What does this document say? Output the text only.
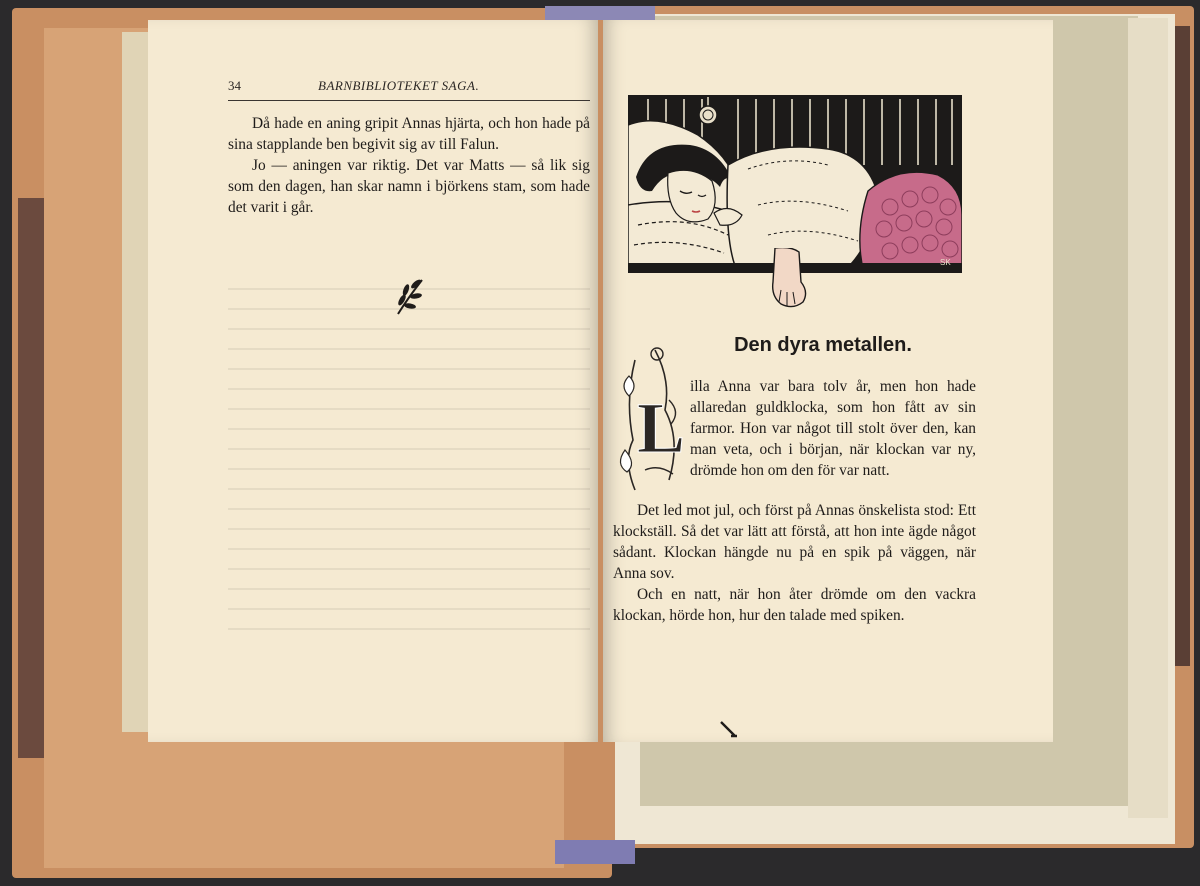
34	BARNBIBLIOTEKET SAGA.

Då hade en aning gripit Annas hjärta, och hon hade på sina stapplande ben begivit sig av till Falun.

Jo — aningen var riktig. Det var Matts — så lik sig som den dagen, han skar namn i björkens stam, som hade det varit i går.

SK
Den dyra metallen.
L

illa Anna var bara tolv år, men hon hade allaredan guldklocka, som hon fått av sin farmor. Hon var något till stolt över den, kan man veta, och i början, när klockan var ny, drömde hon om den för var natt.

Det led mot jul, och först på Annas önskelista stod: Ett klockställ. Så det var lätt att förstå, att hon inte ägde något sådant. Klockan hängde nu på en spik på väggen, när Anna sov.

Och en natt, när hon åter drömde om den vackra klockan, hörde hon, hur den talade med spiken.
